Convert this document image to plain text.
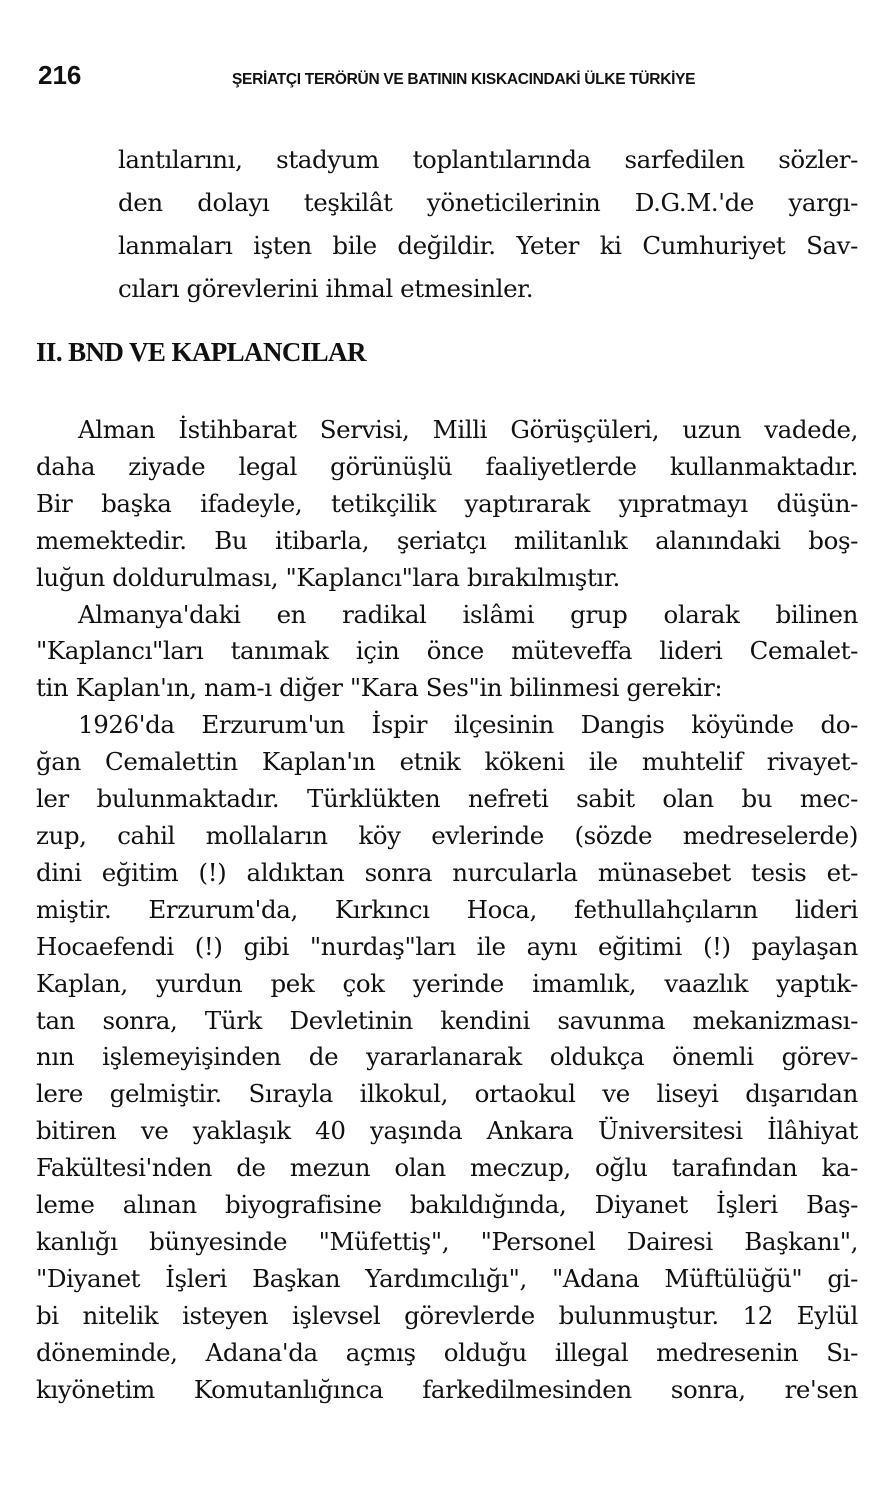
216	ŞERİATÇI TERÖRÜN VE BATININ KISKACINDAKİ ÜLKE TÜRKİYE
lantılarını, stadyum toplantılarında sarfedilen sözler-
den dolayı teşkilât yöneticilerinin D.G.M.'de yargı-
lanmaları işten bile değildir. Yeter ki Cumhuriyet Sav-
cıları görevlerini ihmal etmesinler.
II. BND VE KAPLANCILAR

Alman İstihbarat Servisi, Milli Görüşçüleri, uzun vadede,
daha ziyade legal görünüşlü faaliyetlerde kullanmaktadır.
Bir başka ifadeyle, tetikçilik yaptırarak yıpratmayı düşün-
memektedir. Bu itibarla, şeriatçı militanlık alanındaki boş-
luğun doldurulması, "Kaplancı"lara bırakılmıştır.

Almanya'daki en radikal islâmi grup olarak bilinen
"Kaplancı"ları tanımak için önce müteveffa lideri Cemalet-
tin Kaplan'ın, nam-ı diğer "Kara Ses"in bilinmesi gerekir:

1926'da Erzurum'un İspir ilçesinin Dangis köyünde do-
ğan Cemalettin Kaplan'ın etnik kökeni ile muhtelif rivayet-
ler bulunmaktadır. Türklükten nefreti sabit olan bu mec-
zup, cahil mollaların köy evlerinde (sözde medreselerde)
dini eğitim (!) aldıktan sonra nurcularla münasebet tesis et-
miştir. Erzurum'da, Kırkıncı Hoca, fethullahçıların lideri
Hocaefendi (!) gibi "nurdaş"ları ile aynı eğitimi (!) paylaşan
Kaplan, yurdun pek çok yerinde imamlık, vaazlık yaptık-
tan sonra, Türk Devletinin kendini savunma mekanizması-
nın işlemeyişinden de yararlanarak oldukça önemli görev-
lere gelmiştir. Sırayla ilkokul, ortaokul ve liseyi dışarıdan
bitiren ve yaklaşık 40 yaşında Ankara Üniversitesi İlâhiyat
Fakültesi'nden de mezun olan meczup, oğlu tarafından ka-
leme alınan biyografisine bakıldığında, Diyanet İşleri Baş-
kanlığı bünyesinde "Müfettiş", "Personel Dairesi Başkanı",
"Diyanet İşleri Başkan Yardımcılığı", "Adana Müftülüğü" gi-
bi nitelik isteyen işlevsel görevlerde bulunmuştur. 12 Eylül
döneminde, Adana'da açmış olduğu illegal medresenin Sı-
kıyönetim Komutanlığınca farkedilmesinden sonra, re'sen
